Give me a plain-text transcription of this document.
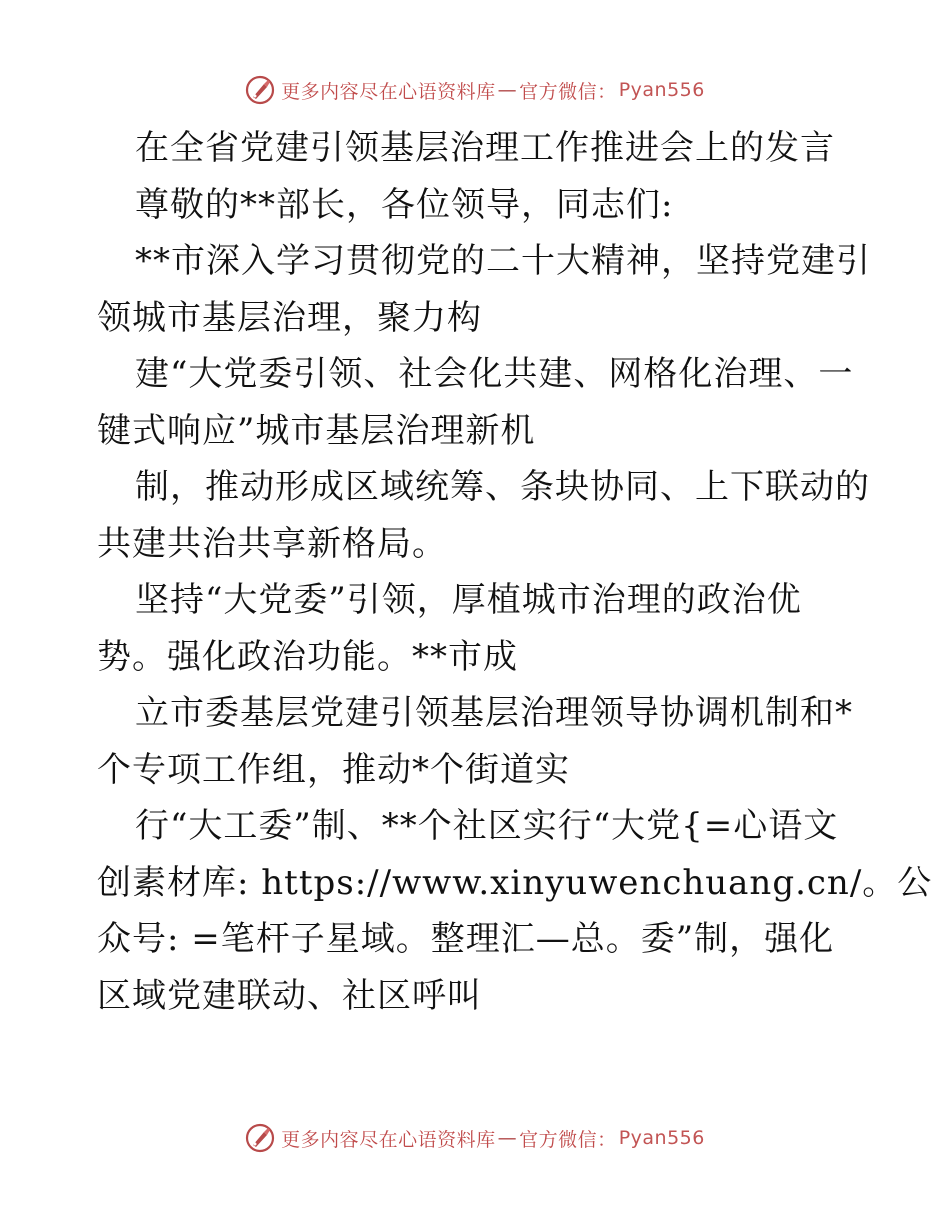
更多内容尽在心语资料库 — 官方微信： Pyan556
在全省党建引领基层治理工作推进会上的发言
尊敬的**部长，各位领导，同志们:
**市深入学习贯彻党的二十大精神，坚持党建引
领城市基层治理，聚力构
建“大党委引领、社会化共建、网格化治理、一
键式响应”城市基层治理新机
制，推动形成区域统筹、条块协同、上下联动的
共建共治共享新格局。
坚持“大党委”引领，厚植城市治理的政治优
势。强化政治功能。**市成
立市委基层党建引领基层治理领导协调机制和*
个专项工作组，推动*个街道实
行“大工委”制、**个社区实行“大党{=心语文
创素材库: https://www.xinyuwenchuang.cn/。公
众号: =笔杆子星域。整理汇—总。委”制，强化
区域党建联动、社区呼叫
更多内容尽在心语资料库 — 官方微信： Pyan556
